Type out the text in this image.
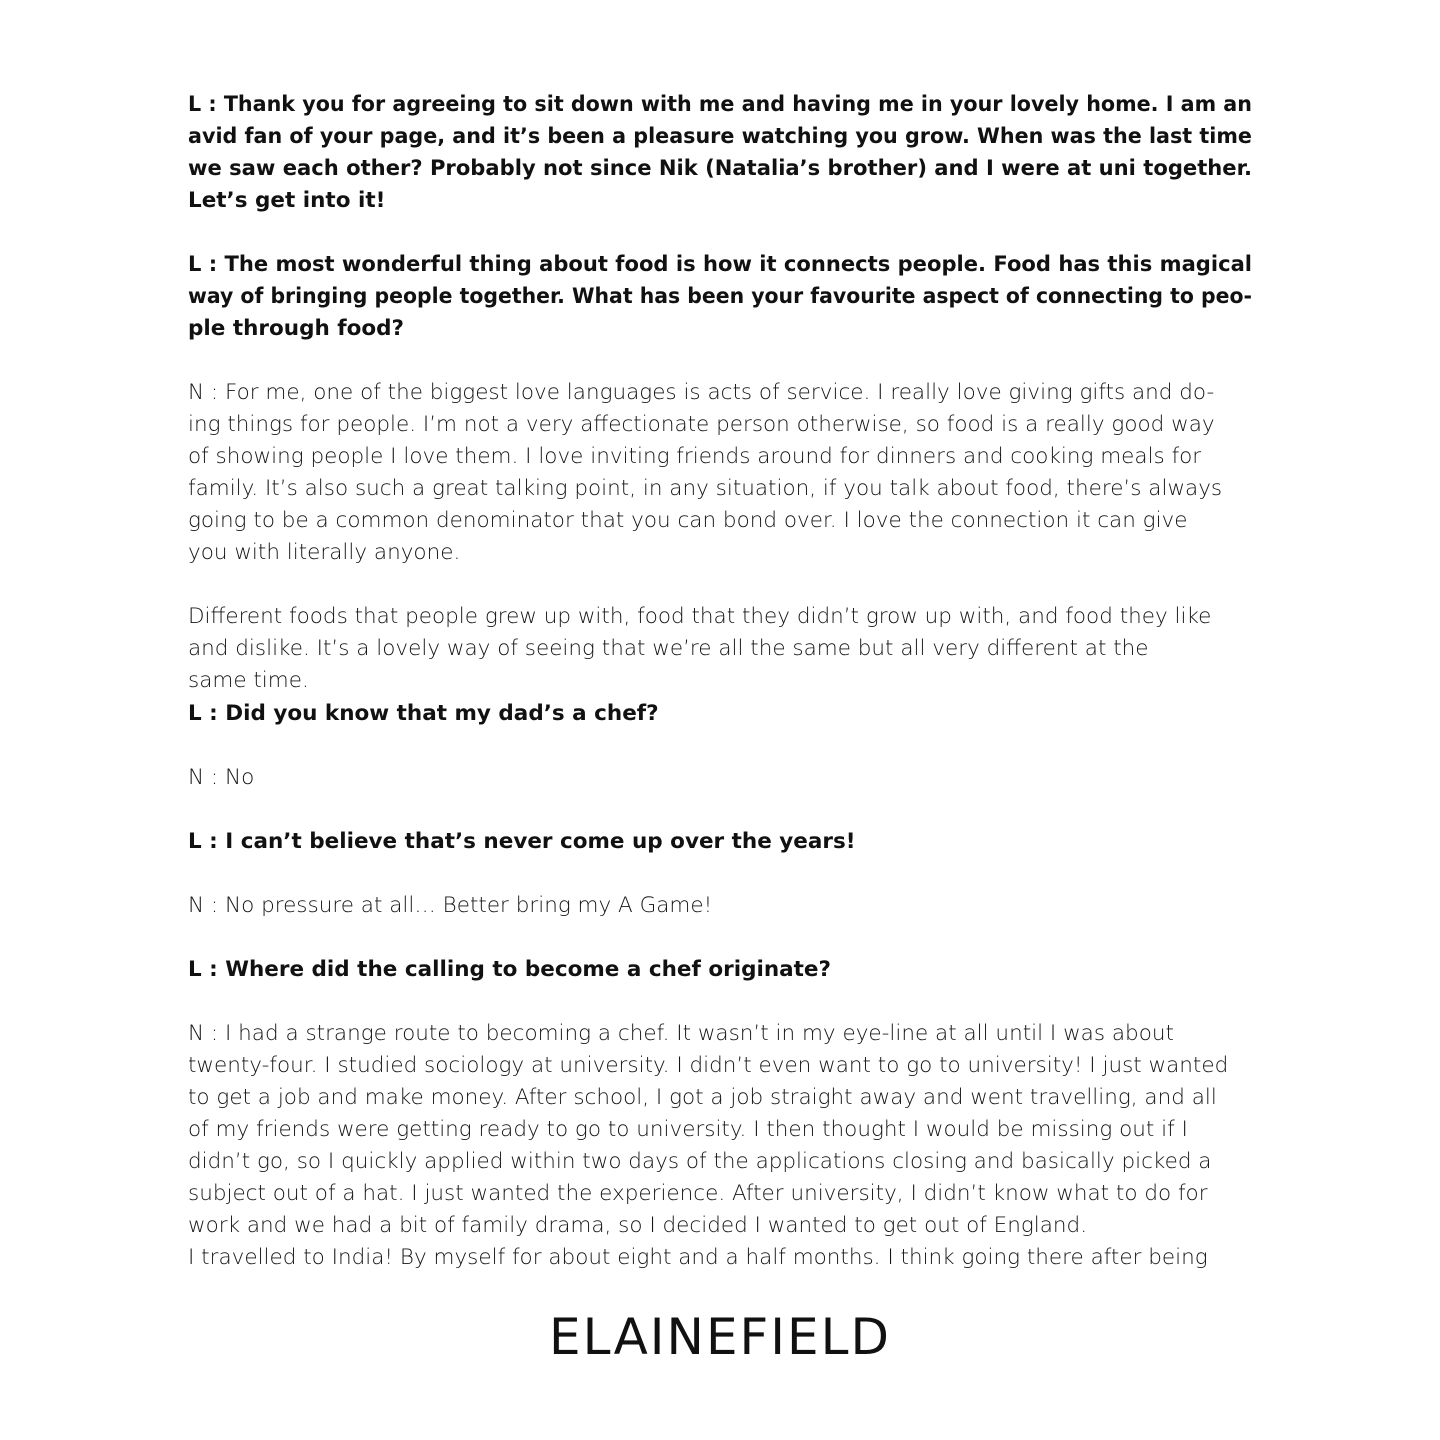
L : Thank you for agreeing to sit down with me and having me in your lovely home. I am an
avid fan of your page, and it’s been a pleasure watching you grow. When was the last time
we saw each other? Probably not since Nik (Natalia’s brother) and I were at uni together.
Let’s get into it!
L : The most wonderful thing about food is how it connects people. Food has this magical
way of bringing people together. What has been your favourite aspect of connecting to peo-
ple through food?
N : For me, one of the biggest love languages is acts of service. I really love giving gifts and do-
ing things for people. I’m not a very affectionate person otherwise, so food is a really good way
of showing people I love them. I love inviting friends around for dinners and cooking meals for
family. It’s also such a great talking point, in any situation, if you talk about food, there’s always
going to be a common denominator that you can bond over. I love the connection it can give
you with literally anyone.
Different foods that people grew up with, food that they didn’t grow up with, and food they like
and dislike. It’s a lovely way of seeing that we’re all the same but all very different at the
same time.
L : Did you know that my dad’s a chef?
N : No
L : I can’t believe that’s never come up over the years!
N : No pressure at all… Better bring my A Game!
L : Where did the calling to become a chef originate?
N : I had a strange route to becoming a chef. It wasn’t in my eye-line at all until I was about
twenty-four. I studied sociology at university. I didn’t even want to go to university! I just wanted
to get a job and make money. After school, I got a job straight away and went travelling, and all
of my friends were getting ready to go to university. I then thought I would be missing out if I
didn’t go, so I quickly applied within two days of the applications closing and basically picked a
subject out of a hat. I just wanted the experience. After university, I didn’t know what to do for
work and we had a bit of family drama, so I decided I wanted to get out of England.
I travelled to India! By myself for about eight and a half months. I think going there after being
ELAINEFIELD
